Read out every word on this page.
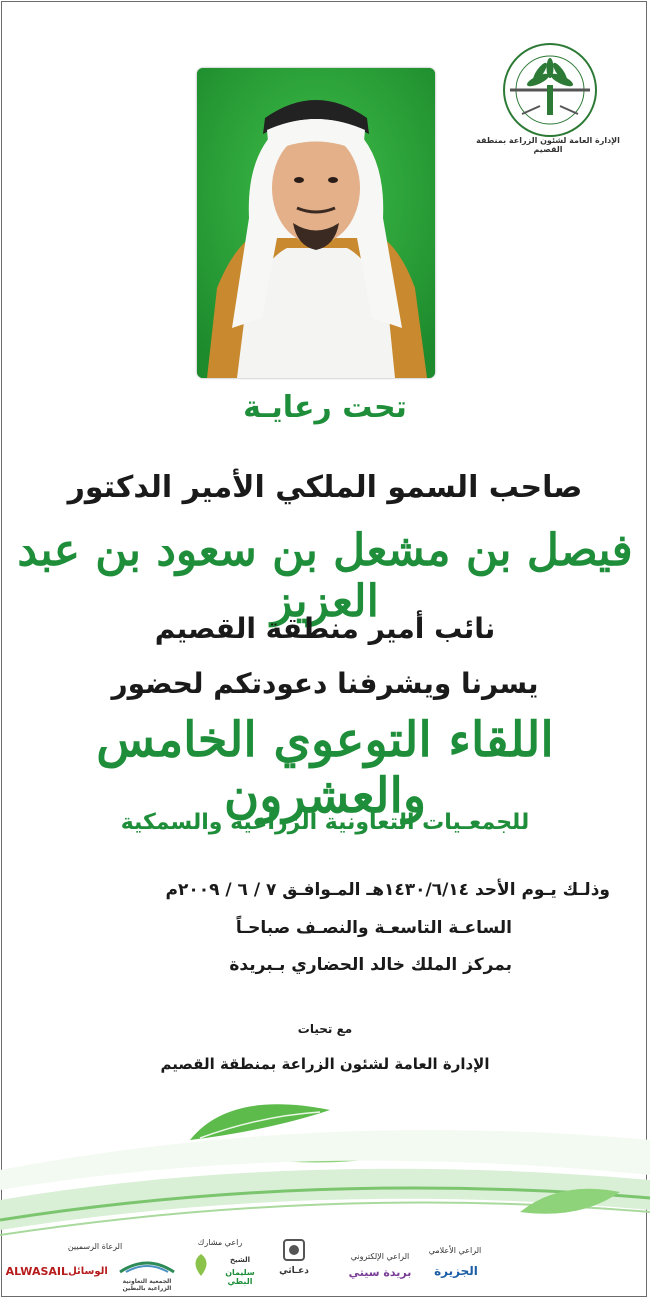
الإدارة العامة لشئون الزراعة بمنطقة القصيم
تحت رعايـة
صاحب السمو الملكي الأمير الدكتور
فيصل بن مشعل بن سعود بن عبد العزيز
نائب أمير منطقة القصيم
يسرنا ويشرفنا دعودتكم لحضور
اللقاء التوعوي الخامس والعشرون
للجمعـيات التعاونية الزراعية والسمكية
وذلـك يـوم الأحد ١٤٣٠/٦/١٤هـ المـوافـق ٧ / ٦ / ٢٠٠٩م
الساعـة التاسعـة والنصـف صباحـاً
بمركز الملك خالد الحضاري بـبريدة
مع تحيات
الإدارة العامة لشئون الزراعة بمنطقة القصيم
الرعاة الرسميين	راعي مشارك
الراعي الإلكتروني
الراعي الأعلامي
ALWASAIL الوسائل
الجمعية التعاونية الزراعية بالبطين
الشيخ
سليمان البطي
دعـاثي	بريدة سيتي	الجزيرة
